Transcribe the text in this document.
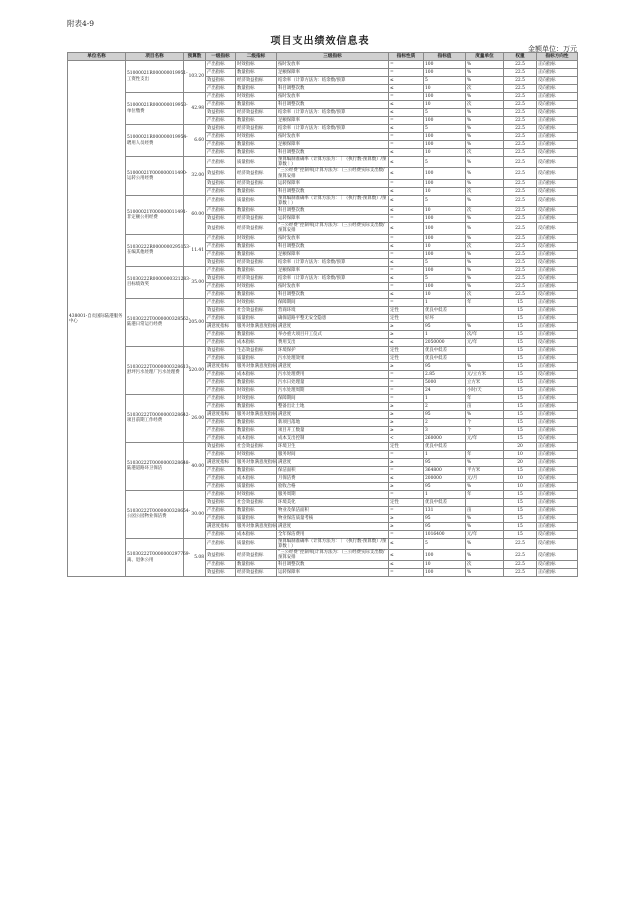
附表4-9
项目支出绩效信息表
金额单位：万元
单位名称	项目名称	预算数	一级指标	二级指标	三级指标	指标性质	指标值	度量单位	权重	指标方向性
438001-自贡国际陆港服务中心	51000021R000000019951-工资性支出	103.20	产出指标	时效指标	按时发放率	=	100	%	22.5	正向指标
			产出指标	数量指标	足额保障率	=	100	%	22.5	正向指标
			效益指标	经济效益指标	结余率（计算方法为：结余数/预算	≤	5	%	22.5	反向指标
			产出指标	数量指标	科目调整次数	≤	10	次	22.5	反向指标
	51000021R000000019953-单位缴费	42.98	产出指标	时效指标	按时发放率	=	100	%	22.5	正向指标
			产出指标	数量指标	科目调整次数	≤	10	次	22.5	反向指标
			效益指标	经济效益指标	结余率（计算方法为：结余数/预算	≤	5	%	22.5	反向指标
			产出指标	数量指标	足额保障率	=	100	%	22.5	正向指标
	51000021R000000019954-聘用人员经费	6.60	效益指标	经济效益指标	结余率（计算方法为：结余数/预算	≤	5	%	22.5	反向指标
			产出指标	时效指标	按时发放率	=	100	%	22.5	正向指标
			产出指标	数量指标	足额保障率	=	100	%	22.5	正向指标
			产出指标	数量指标	科目调整次数	≤	10	次	22.5	反向指标
	51000021Y000000011490-运转公用经费	32.00	产出指标	质量指标	预算编制准确率（计算方法为：｜（执行数-预算数）/预算数｜）	≤	5	%	22.5	反向指标
			效益指标	经济效益指标	“三公经费”控制率[计算方法为：（三公经费实际支出数/预算安排	≤	100	%	22.5	反向指标
			效益指标	经济效益指标	运转保障率	=	100	%	22.5	正向指标
			产出指标	数量指标	科目调整次数	≤	10	次	22.5	反向指标
	51000021Y000000011491-非定额公用经费	60.00	产出指标	质量指标	预算编制准确率（计算方法为：｜（执行数-预算数）/预算数｜）	≤	5	%	22.5	反向指标
			产出指标	数量指标	科目调整次数	≤	10	次	22.5	反向指标
			效益指标	经济效益指标	运转保障率	=	100	%	22.5	正向指标
			效益指标	经济效益指标	“三公经费”控制率[计算方法为：（三公经费实际支出数/预算安排	≤	100	%	22.5	反向指标
	51030222R0000000295153-在编其他经费	11.41	产出指标	时效指标	按时发放率	=	100	%	22.5	正向指标
			产出指标	数量指标	科目调整次数	≤	10	次	22.5	反向指标
			产出指标	数量指标	足额保障率	=	100	%	22.5	正向指标
			效益指标	经济效益指标	结余率（计算方法为：结余数/预算	≤	5	%	22.5	反向指标
	51030222R0000000321283-目标绩效奖	35.00	产出指标	数量指标	足额保障率	=	100	%	22.5	正向指标
			效益指标	经济效益指标	结余率（计算方法为：结余数/预算	≤	5	%	22.5	反向指标
			产出指标	时效指标	按时发放率	=	100	%	22.5	正向指标
			产出指标	数量指标	科目调整次数	≤	10	次	22.5	反向指标
	51030222T0000000328562-陆港日常运行经费	205.00	产出指标	时效指标	保障期间	=	1	年	15	正向指标
			效益指标	社会效益指标	营商环境	定性	优良中低差		15	正向指标
			产出指标	质量指标	确保道路平整无安全隐患	定性	好坏		15	正向指标
			满意度指标	服务对象满意度指标	满意度	≥	95	%	15	正向指标
			产出指标	数量指标	举办重大项目开工仪式	≥	1	次/年	15	正向指标
			产出指标	成本指标	费用支出	≤	2050000	元/年	15	反向指标
	51030222T0000000328613-舒坪污水处理厂污水处理费	520.00	效益指标	生态效益指标	环境保护	定性	优良中低差		15	正向指标
			产出指标	质量指标	污水处理效果	定性	优良中低差		15	正向指标
			满意度指标	服务对象满意度指标	满意度	≥	95	%	15	正向指标
			产出指标	成本指标	污水处理费用	=	2.85	元/立方米	15	反向指标
			产出指标	数量指标	污水日处理量	=	5000	立方米	15	正向指标
			产出指标	时效指标	污水处理周期	=	24	小时/天	15	正向指标
	51030222T0000000328642-项目前期工作经费	26.00	产出指标	时效指标	保障期间	=	1	年	15	正向指标
			产出指标	数量指标	整备出让土地	≥	2	亩	15	正向指标
			满意度指标	服务对象满意度指标	满意度	≥	95	%	15	正向指标
			产出指标	数量指标	新项目落地	≥	2	个	15	正向指标
			产出指标	数量指标	项目开工数量	≥	3	个	15	正向指标
			产出指标	成本指标	成本支出控制	<	260000	元/年	15	反向指标
	51030222T0000000328648-陆港道路环卫保洁	40.00	效益指标	社会效益指标	环境卫生	定性	优良中低差		20	正向指标
			产出指标	时效指标	服务时间	=	1	年	10	正向指标
			满意度指标	服务对象满意度指标	满意度	≥	95	%	20	正向指标
			产出指标	数量指标	保洁面积	=	364800	平方米	15	正向指标
			产出指标	成本指标	月保洁费	≤	200000	元/月	10	反向指标
			产出指标	质量指标	验收合格	≥	95	%	10	正向指标
	51030222T0000000328654-公园公园物业保洁费	30.00	产出指标	时效指标	服务周期	=	1	年	15	正向指标
			效益指标	社会效益指标	环境美化	定性	优良中低差		15	正向指标
			产出指标	数量指标	物业及保洁面积	=	131	亩	15	正向指标
			产出指标	质量指标	物业保洁质量考核	≥	95	%	15	正向指标
			满意度指标	服务对象满意度指标	满意度	≥	95	%	15	正向指标
			产出指标	成本指标	全年保洁费用	=	1016400	元/年	15	反向指标
	51030222T0000000297769-离、退休公用	5.08	产出指标	质量指标	预算编制准确率（计算方法为：｜（执行数-预算数）/预算数｜）	≤	5	%	22.5	反向指标
			效益指标	经济效益指标	“三公经费”控制率[计算方法为：（三公经费实际支出数/预算安排	≤	100	%	22.5	反向指标
			产出指标	数量指标	科目调整次数	≤	10	次	22.5	反向指标
			效益指标	经济效益指标	运转保障率	=	100	%	22.5	正向指标
